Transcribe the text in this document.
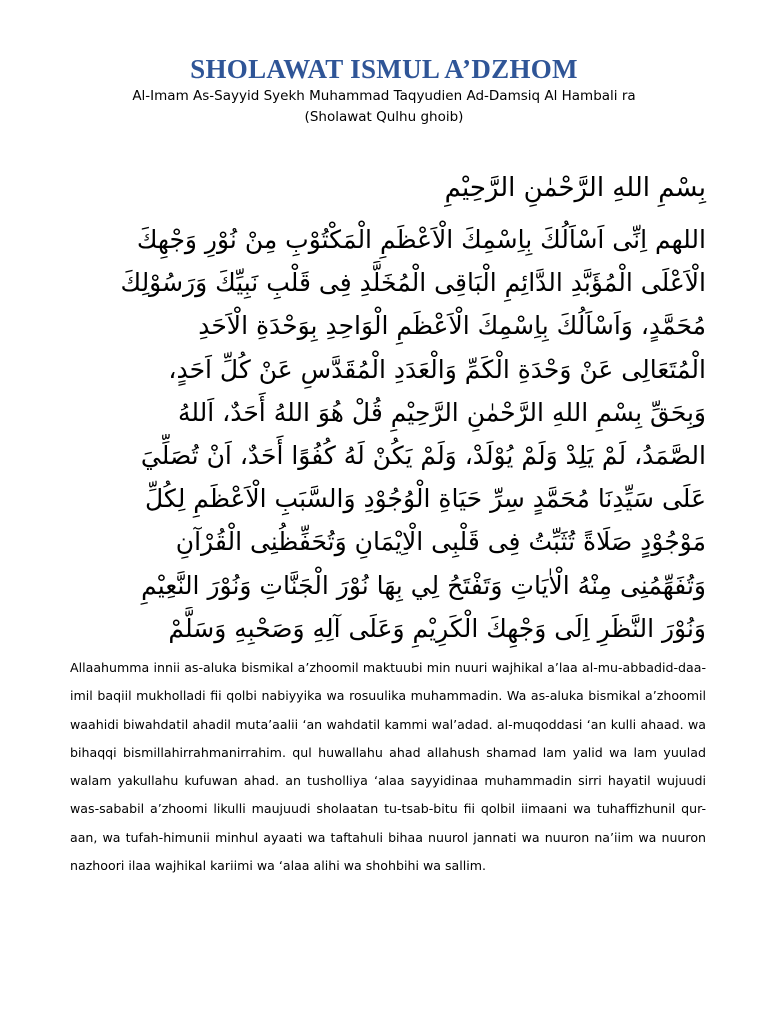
SHOLAWAT ISMUL A’DZHOM
Al-Imam As-Sayyid Syekh Muhammad Taqyudien Ad-Damsiq Al Hambali ra
(Sholawat Qulhu ghoib)
بِسْمِ اللهِ الرَّحْمٰنِ الرَّحِيْمِ
اللهم اِنِّى اَسْاَلُكَ بِاِسْمِكَ الْاَعْظَمِ الْمَكْتُوْبِ مِنْ نُوْرِ وَجْهِكَ
الْاَعْلَى الْمُؤَبَّدِ الدَّائِمِ الْبَاقِى الْمُخَلَّدِ فِى قَلْبِ نَبِيِّكَ وَرَسُوْلِكَ
مُحَمَّدٍ، وَاَسْاَلُكَ بِاِسْمِكَ الْاَعْظَمِ الْوَاحِدِ بِوَحْدَةِ الْاَحَدِ
الْمُتَعَالِى عَنْ وَحْدَةِ الْكَمِّ وَالْعَدَدِ الْمُقَدَّسِ عَنْ كُلِّ اَحَدٍ،
وَبِحَقِّ بِسْمِ اللهِ الرَّحْمٰنِ الرَّحِيْمِ قُلْ هُوَ اللهُ أَحَدٌ، اَللهُ
الصَّمَدُ، لَمْ يَلِدْ وَلَمْ يُوْلَدْ، وَلَمْ يَكُنْ لَهُ كُفُوًا أَحَدٌ، اَنْ تُصَلِّيَ
عَلَى سَيِّدِنَا مُحَمَّدٍ سِرِّ حَيَاةِ الْوُجُوْدِ وَالسَّبَبِ الْاَعْظَمِ لِكُلِّ
مَوْجُوْدٍ صَلَاةً تُثَبِّتُ فِى قَلْبِى الْاِيْمَانِ وَتُحَفِّظُنِى الْقُرْآنِ
وَتُفَهِّمُنِى مِنْهُ الْاٰيَاتِ وَتَفْتَحُ لِي بِهَا نُوْرَ الْجَنَّاتِ وَنُوْرَ النَّعِيْمِ
وَنُوْرَ النَّظَرِ اِلَى وَجْهِكَ الْكَرِيْمِ وَعَلَى آلِهِ وَصَحْبِهِ وَسَلَّمْ
Allaahumma innii as-aluka bismikal a’zhoomil maktuubi min nuuri wajhikal a’laa al-mu-abbadid-daa-imil baqiil mukholladi fii qolbi nabiyyika wa rosuulika muhammadin. Wa as-aluka bismikal a’zhoomil waahidi biwahdatil ahadil muta’aalii ‘an wahdatil kammi wal’adad. al-muqoddasi ‘an kulli ahaad. wa bihaqqi bismillahirrahmanirrahim. qul huwallahu ahad allahush shamad lam yalid wa lam yuulad walam yakullahu kufuwan ahad. an tusholliya ‘alaa sayyidinaa muhammadin sirri hayatil wujuudi was-sababil a’zhoomi likulli maujuudi sholaatan tu-tsab-bitu fii qolbil iimaani wa tuhaffizhunil qur-aan, wa tufah-himunii minhul ayaati wa taftahuli bihaa nuurol jannati wa nuuron na’iim wa nuuron nazhoori ilaa wajhikal kariimi wa ‘alaa alihi wa shohbihi wa sallim.
